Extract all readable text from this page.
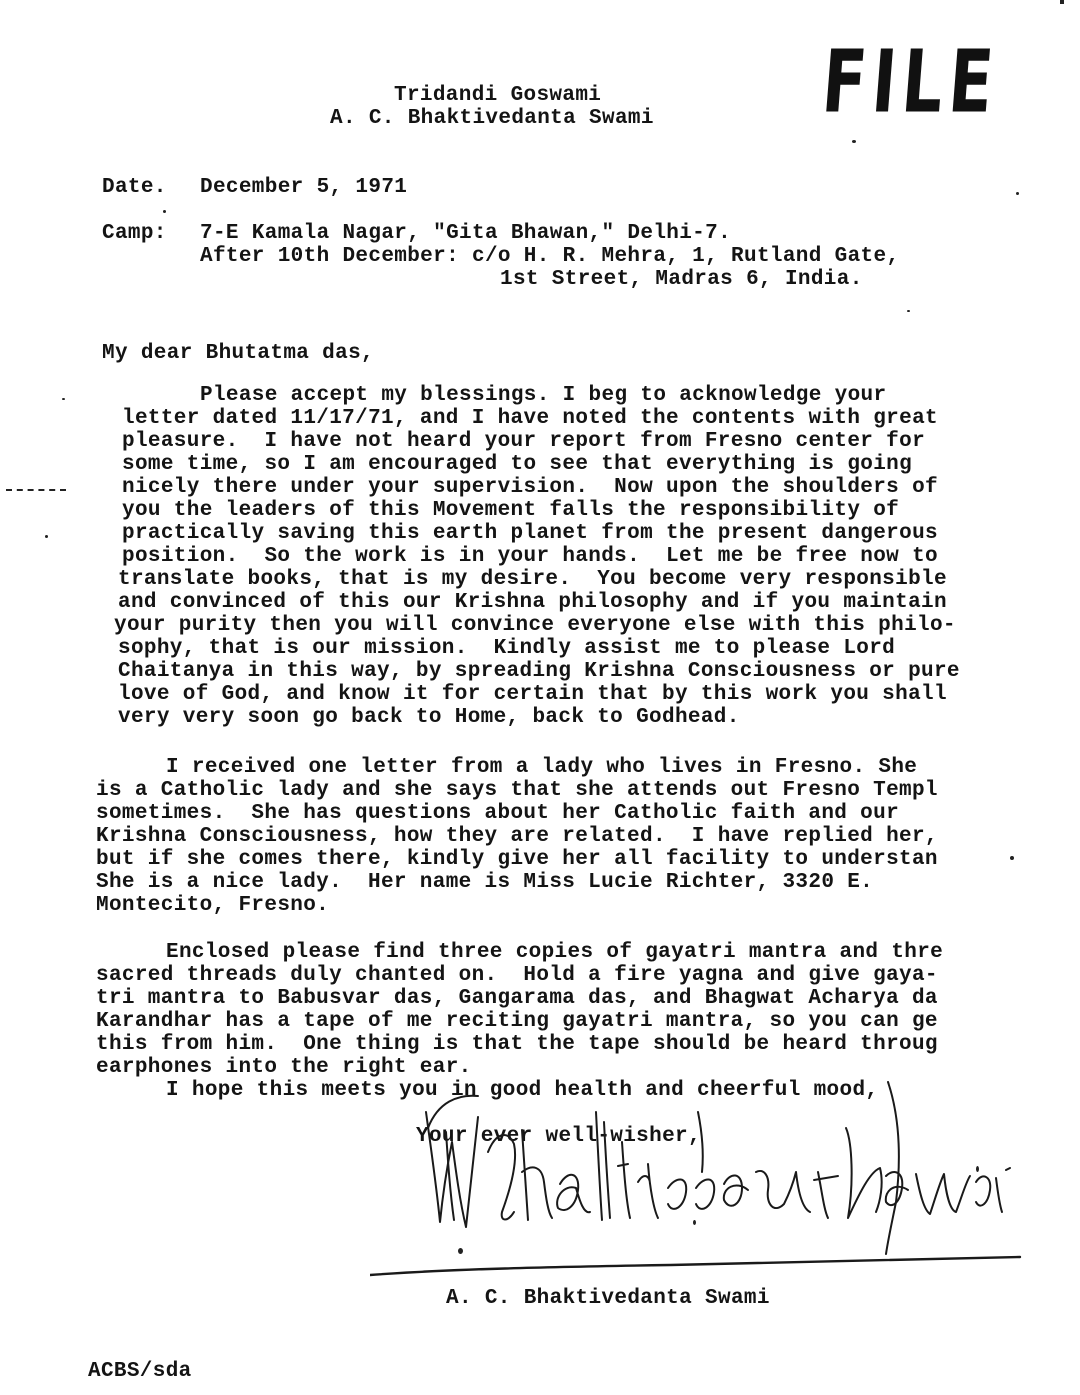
Tridandi Goswami
A. C. Bhaktivedanta Swami	FILE
Date. December 5, 1971
Camp: 7-E Kamala Nagar, "Gita Bhawan," Delhi-7.
After 10th December: c/o H. R. Mehra, 1, Rutland Gate,
1st Street, Madras 6, India.
My dear Bhutatma das,
Please accept my blessings. I beg to acknowledge your
letter dated 11/17/71, and I have noted the contents with great
pleasure.  I have not heard your report from Fresno center for
some time, so I am encouraged to see that everything is going
nicely there under your supervision.  Now upon the shoulders of
you the leaders of this Movement falls the responsibility of
practically saving this earth planet from the present dangerous
position.  So the work is in your hands.  Let me be free now to
translate books, that is my desire.  You become very responsible
and convinced of this our Krishna philosophy and if you maintain
your purity then you will convince everyone else with this philo-
sophy, that is our mission.  Kindly assist me to please Lord
Chaitanya in this way, by spreading Krishna Consciousness or pure
love of God, and know it for certain that by this work you shall
very very soon go back to Home, back to Godhead.
I received one letter from a lady who lives in Fresno. She
is a Catholic lady and she says that she attends out Fresno Templ
sometimes.  She has questions about her Catholic faith and our
Krishna Consciousness, how they are related.  I have replied her,
but if she comes there, kindly give her all facility to understan
She is a nice lady.  Her name is Miss Lucie Richter, 3320 E.
Montecito, Fresno.
Enclosed please find three copies of gayatri mantra and thre
sacred threads duly chanted on.  Hold a fire yagna and give gaya-
tri mantra to Babusvar das, Gangarama das, and Bhagwat Acharya da
Karandhar has a tape of me reciting gayatri mantra, so you can ge
this from him.  One thing is that the tape should be heard throug
earphones into the right ear.
I hope this meets you in good health and cheerful mood,
Your ever well-wisher,
A. C. Bhaktivedanta Swami
ACBS/sda
